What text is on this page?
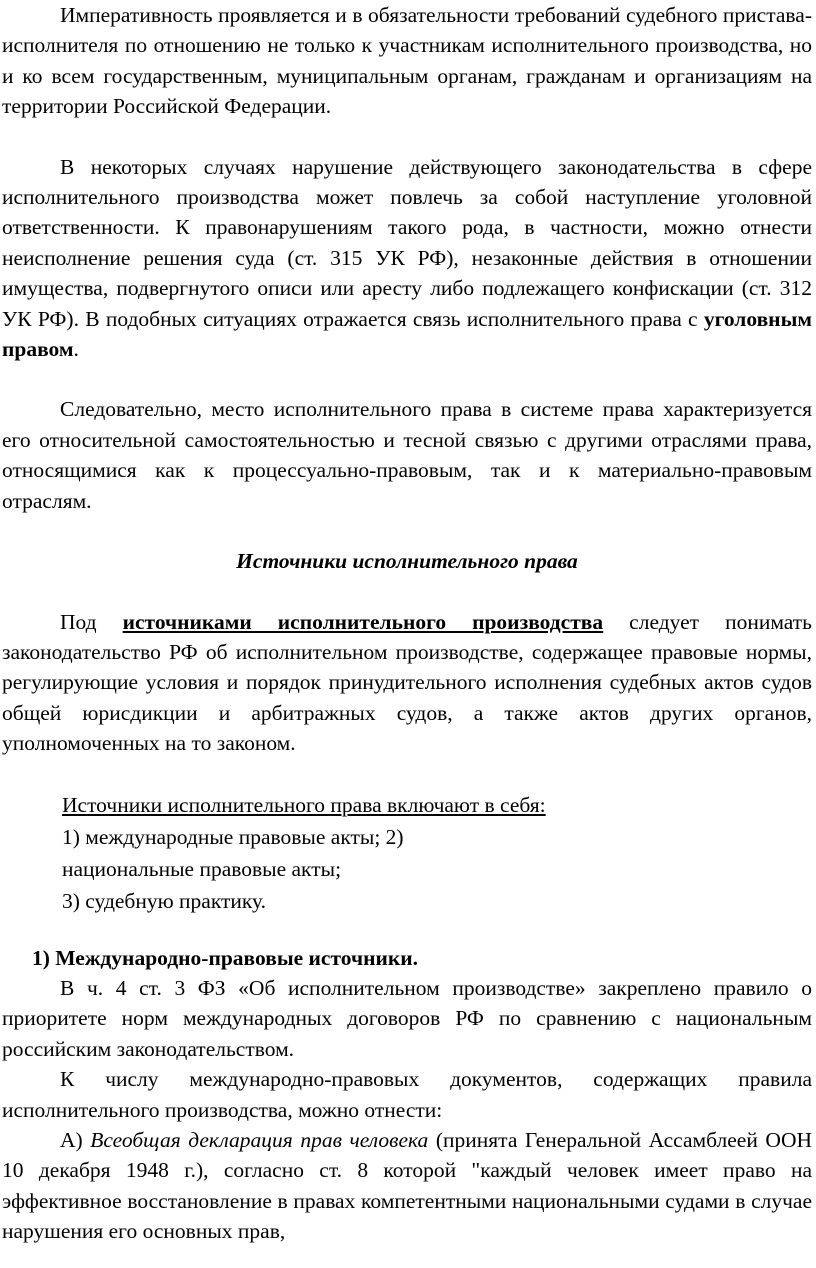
Императивность проявляется и в обязательности требований судебного пристава-исполнителя по отношению не только к участникам исполнительного производства, но и ко всем государственным, муниципальным органам, гражданам и организациям на территории Российской Федерации.

В некоторых случаях нарушение действующего законодательства в сфере исполнительного производства может повлечь за собой наступление уголовной ответственности. К правонарушениям такого рода, в частности, можно отнести неисполнение решения суда (ст. 315 УК РФ), незаконные действия в отношении имущества, подвергнутого описи или аресту либо подлежащего конфискации (ст. 312 УК РФ). В подобных ситуациях отражается связь исполнительного права с уголовным правом.

Следовательно, место исполнительного права в системе права характеризуется его относительной самостоятельностью и тесной связью с другими отраслями права, относящимися как к процессуально-правовым, так и к материально-правовым отраслям.

Источники исполнительного права

Под источниками исполнительного производства следует понимать законодательство РФ об исполнительном производстве, содержащее правовые нормы, регулирующие условия и порядок принудительного исполнения судебных актов судов общей юрисдикции и арбитражных судов, а также актов других органов, уполномоченных на то законом.

Источники исполнительного права включают в себя:
1) международные правовые акты; 2)
национальные правовые акты;
3) судебную практику.

1) Международно-правовые источники.

В ч. 4 ст. 3 ФЗ «Об исполнительном производстве» закреплено правило о приоритете норм международных договоров РФ по сравнению с национальным российским законодательством.

К числу международно-правовых документов, содержащих правила исполнительного производства, можно отнести:

А) Всеобщая декларация прав человека (принята Генеральной Ассамблеей ООН 10 декабря 1948 г.), согласно ст. 8 которой "каждый человек имеет право на эффективное восстановление в правах компетентными национальными судами в случае нарушения его основных прав,
